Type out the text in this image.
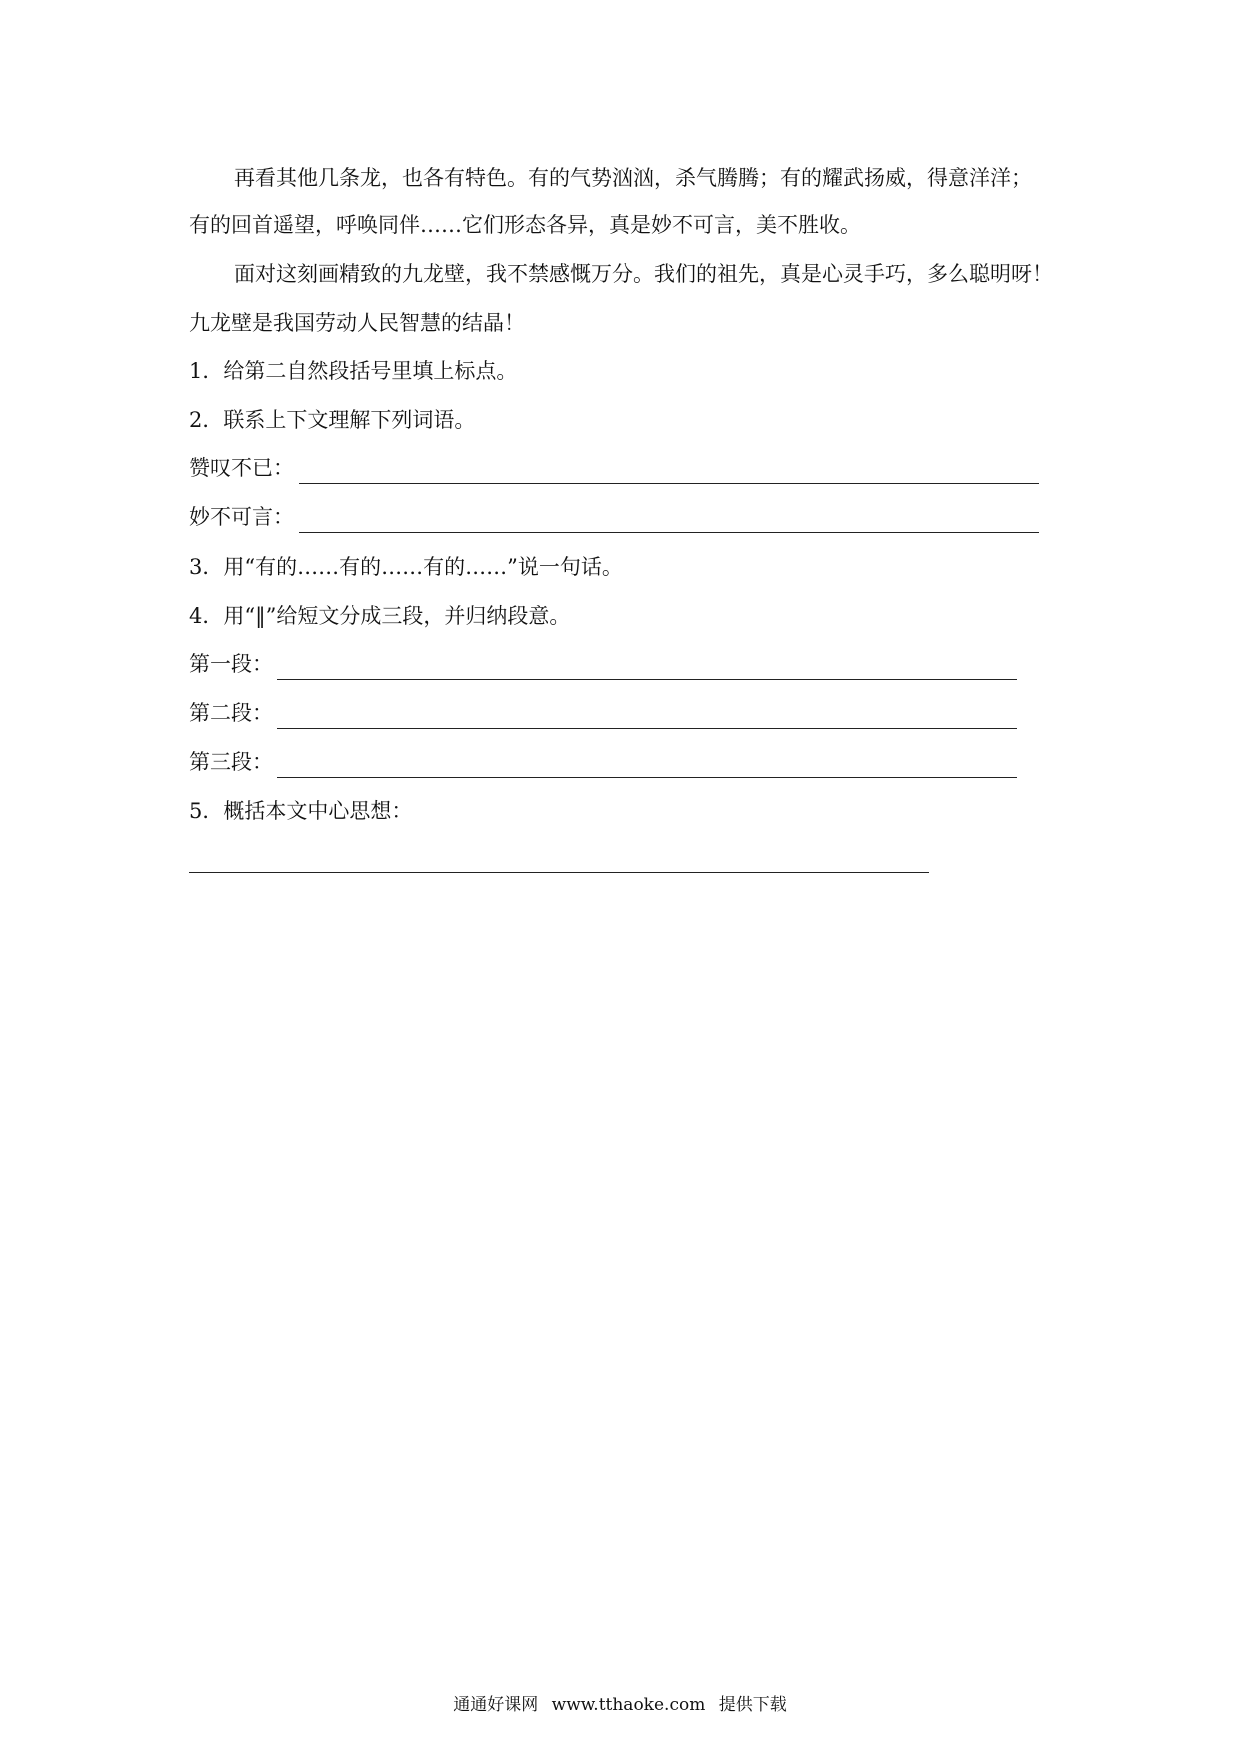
再看其他几条龙，也各有特色。有的气势汹汹，杀气腾腾；有的耀武扬威，得意洋洋；
有的回首遥望，呼唤同伴……它们形态各异，真是妙不可言，美不胜收。
面对这刻画精致的九龙壁，我不禁感慨万分。我们的祖先，真是心灵手巧，多么聪明呀！
九龙壁是我国劳动人民智慧的结晶！
1．给第二自然段括号里填上标点。
2．联系上下文理解下列词语。
赞叹不已：
妙不可言：
3．用“有的……有的……有的……”说一句话。
4．用“‖”给短文分成三段，并归纳段意。
第一段：
第二段：
第三段：
5．概括本文中心思想：
通通好课网 www.tthaoke.com 提供下载
